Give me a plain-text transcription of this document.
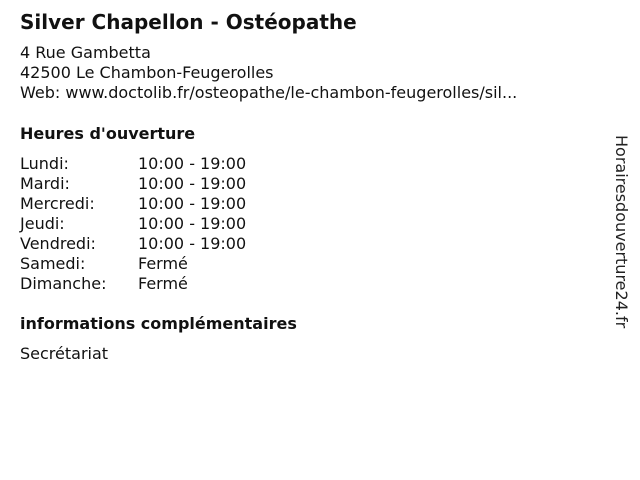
Silver Chapellon - Ostéopathe
4 Rue Gambetta
42500 Le Chambon-Feugerolles
Web: www.doctolib.fr/osteopathe/le-chambon-feugerolles/sil...
Heures d'ouverture
Lundi:	10:00 - 19:00
Mardi:	10:00 - 19:00
Mercredi:	10:00 - 19:00
Jeudi:	10:00 - 19:00
Vendredi:	10:00 - 19:00
Samedi:	Fermé
Dimanche:	Fermé
informations complémentaires
Secrétariat
Horairesdouverture24.fr
